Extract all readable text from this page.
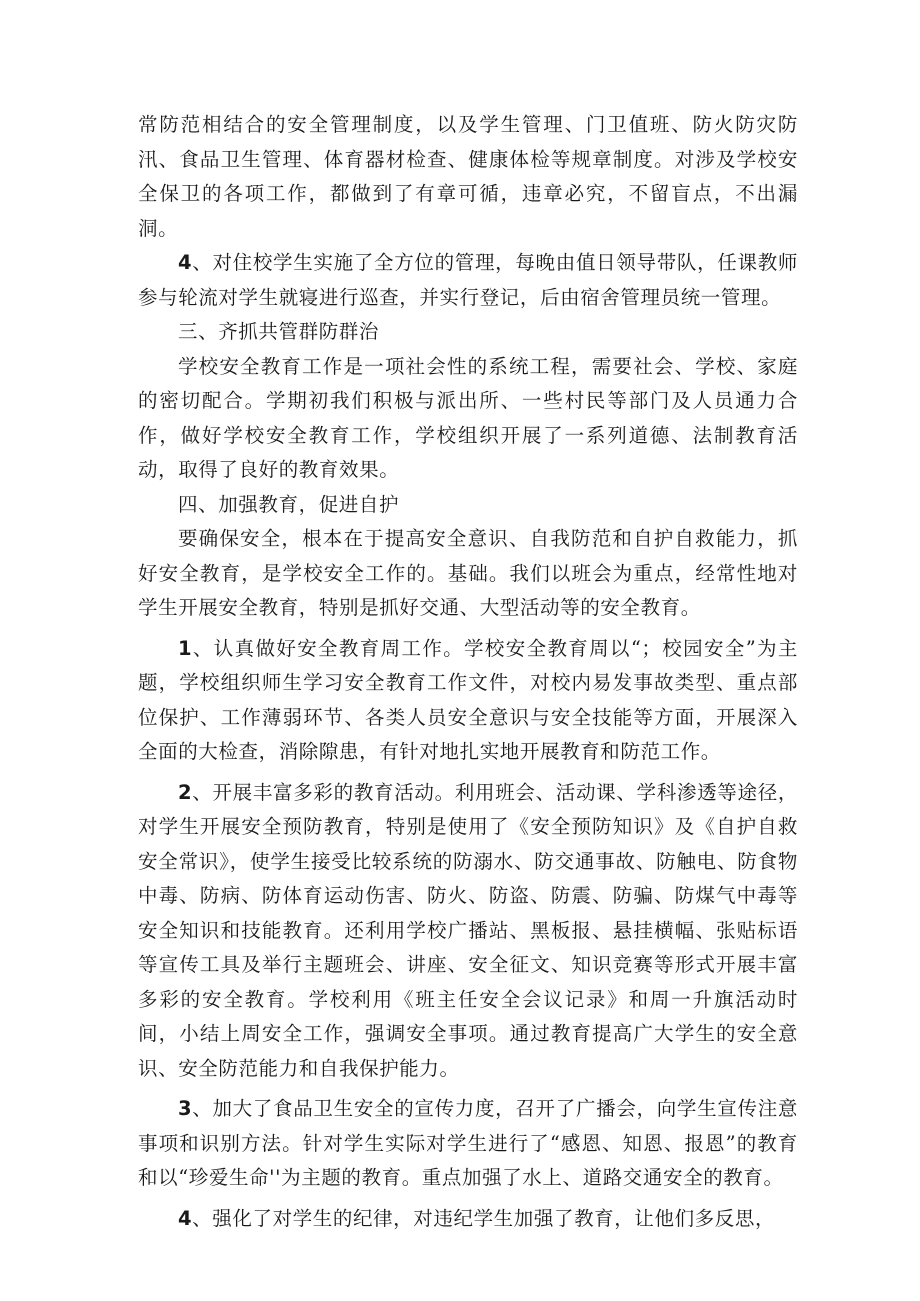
常防范相结合的安全管理制度，以及学生管理、门卫值班、防火防灾防汛、食品卫生管理、体育器材检查、健康体检等规章制度。对涉及学校安全保卫的各项工作，都做到了有章可循，违章必究，不留盲点，不出漏洞。

4、对住校学生实施了全方位的管理，每晚由值日领导带队，任课教师参与轮流对学生就寝进行巡查，并实行登记，后由宿舍管理员统一管理。

三、齐抓共管群防群治

学校安全教育工作是一项社会性的系统工程，需要社会、学校、家庭的密切配合。学期初我们积极与派出所、一些村民等部门及人员通力合作，做好学校安全教育工作，学校组织开展了一系列道德、法制教育活动，取得了良好的教育效果。

四、加强教育，促进自护

要确保安全，根本在于提高安全意识、自我防范和自护自救能力，抓好安全教育，是学校安全工作的。基础。我们以班会为重点，经常性地对学生开展安全教育，特别是抓好交通、大型活动等的安全教育。

1、认真做好安全教育周工作。学校安全教育周以“；校园安全”为主题，学校组织师生学习安全教育工作文件，对校内易发事故类型、重点部位保护、工作薄弱环节、各类人员安全意识与安全技能等方面，开展深入全面的大检查，消除隙患，有针对地扎实地开展教育和防范工作。

2、开展丰富多彩的教育活动。利用班会、活动课、学科渗透等途径，对学生开展安全预防教育，特别是使用了《安全预防知识》及《自护自救安全常识》，使学生接受比较系统的防溺水、防交通事故、防触电、防食物中毒、防病、防体育运动伤害、防火、防盗、防震、防骗、防煤气中毒等安全知识和技能教育。还利用学校广播站、黑板报、悬挂横幅、张贴标语等宣传工具及举行主题班会、讲座、安全征文、知识竞赛等形式开展丰富多彩的安全教育。学校利用《班主任安全会议记录》和周一升旗活动时间，小结上周安全工作，强调安全事项。通过教育提高广大学生的安全意识、安全防范能力和自我保护能力。

3、加大了食品卫生安全的宣传力度，召开了广播会，向学生宣传注意事项和识别方法。针对学生实际对学生进行了“感恩、知恩、报恩”的教育和以“珍爱生命''为主题的教育。重点加强了水上、道路交通安全的教育。

4、强化了对学生的纪律，对违纪学生加强了教育，让他们多反思，
